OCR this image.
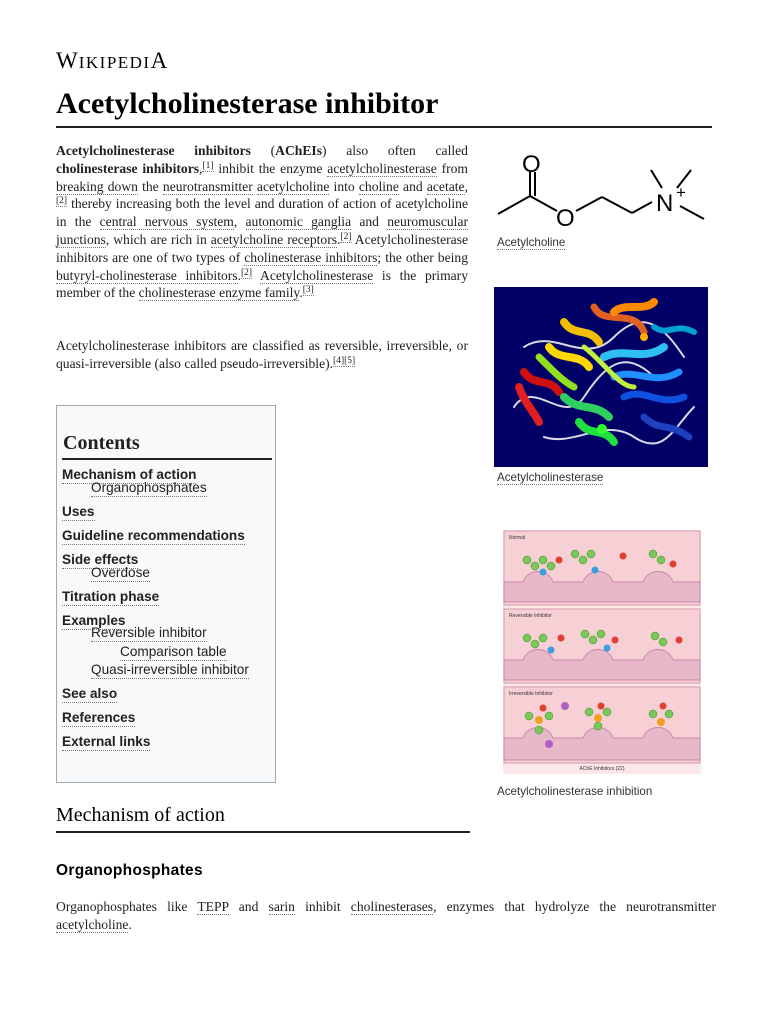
WIKIPEDIA
Acetylcholinesterase inhibitor
Acetylcholinesterase inhibitors (AChEIs) also often called cholinesterase inhibitors,[1] inhibit the enzyme acetylcholinesterase from breaking down the neurotransmitter acetylcholine into choline and acetate,[2] thereby increasing both the level and duration of action of acetylcholine in the central nervous system, autonomic ganglia and neuromuscular junctions, which are rich in acetylcholine receptors.[2] Acetylcholinesterase inhibitors are one of two types of cholinesterase inhibitors; the other being butyryl-cholinesterase inhibitors.[2] Acetylcholinesterase is the primary member of the cholinesterase enzyme family.[3]
Acetylcholinesterase inhibitors are classified as reversible, irreversible, or quasi-irreversible (also called pseudo-irreversible).[4][5]
Contents
Mechanism of action
Organophosphates
Uses
Guideline recommendations
Side effects
Overdose
Titration phase
Examples
Reversible inhibitor
Comparison table
Quasi-irreversible inhibitor
See also
References
External links
Mechanism of action
Organophosphates
Organophosphates like TEPP and sarin inhibit cholinesterases, enzymes that hydrolyze the neurotransmitter acetylcholine.
O
O
N +
Acetylcholine
Acetylcholinesterase
Normal
Reversible Inhibitor
Irreversible Inhibitor
AChE Inhibitors (22)
Acetylcholinesterase inhibition
